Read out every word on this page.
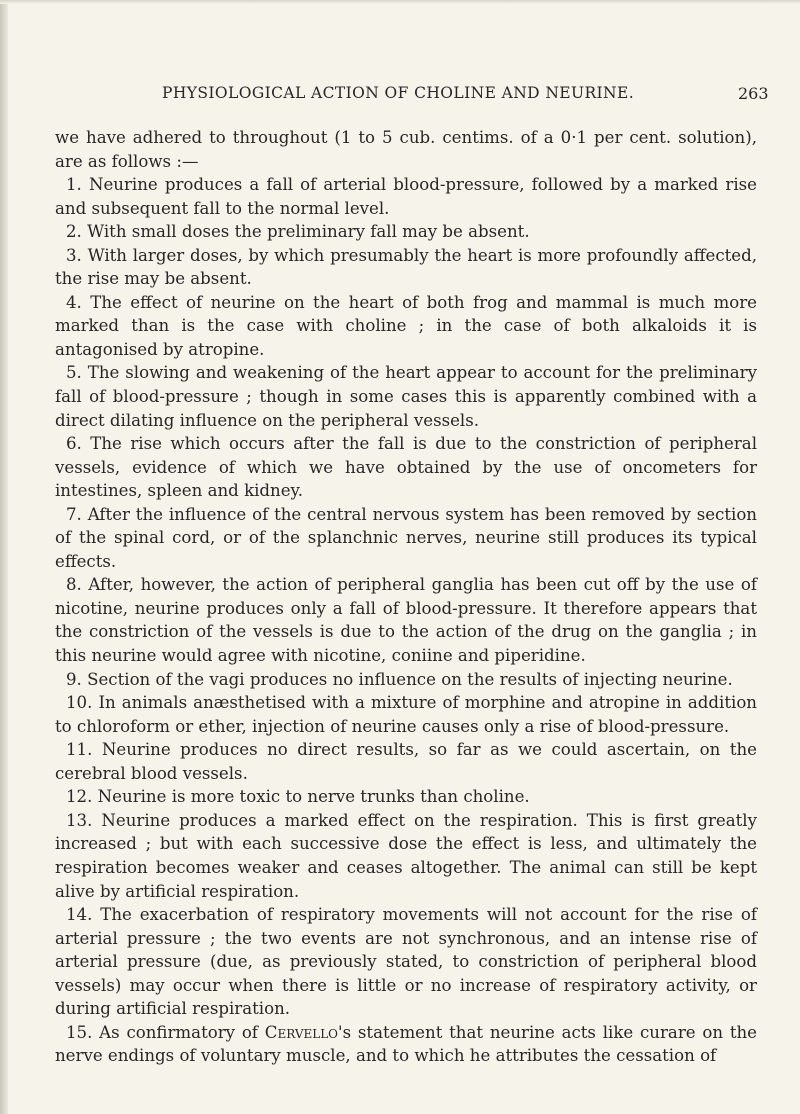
PHYSIOLOGICAL ACTION OF CHOLINE AND NEURINE.	263

we have adhered to throughout (1 to 5 cub. centims. of a 0·1 per cent. solution), are as follows :—

1. Neurine produces a fall of arterial blood-pressure, followed by a marked rise and subsequent fall to the normal level.

2. With small doses the preliminary fall may be absent.

3. With larger doses, by which presumably the heart is more profoundly affected, the rise may be absent.

4. The effect of neurine on the heart of both frog and mammal is much more marked than is the case with choline ; in the case of both alkaloids it is antagonised by atropine.

5. The slowing and weakening of the heart appear to account for the preliminary fall of blood-pressure ; though in some cases this is apparently combined with a direct dilating influence on the peripheral vessels.

6. The rise which occurs after the fall is due to the constriction of peripheral vessels, evidence of which we have obtained by the use of oncometers for intestines, spleen and kidney.

7. After the influence of the central nervous system has been removed by section of the spinal cord, or of the splanchnic nerves, neurine still produces its typical effects.

8. After, however, the action of peripheral ganglia has been cut off by the use of nicotine, neurine produces only a fall of blood-pressure. It therefore appears that the constriction of the vessels is due to the action of the drug on the ganglia ; in this neurine would agree with nicotine, coniine and piperidine.

9. Section of the vagi produces no influence on the results of injecting neurine.

10. In animals anæsthetised with a mixture of morphine and atropine in addition to chloroform or ether, injection of neurine causes only a rise of blood-pressure.

11. Neurine produces no direct results, so far as we could ascertain, on the cerebral blood vessels.

12. Neurine is more toxic to nerve trunks than choline.

13. Neurine produces a marked effect on the respiration. This is first greatly increased ; but with each successive dose the effect is less, and ultimately the respiration becomes weaker and ceases altogether. The animal can still be kept alive by artificial respiration.

14. The exacerbation of respiratory movements will not account for the rise of arterial pressure ; the two events are not synchronous, and an intense rise of arterial pressure (due, as previously stated, to constriction of peripheral blood vessels) may occur when there is little or no increase of respiratory activity, or during artificial respiration.

15. As confirmatory of Cervello's statement that neurine acts like curare on the nerve endings of voluntary muscle, and to which he attributes the cessation of
